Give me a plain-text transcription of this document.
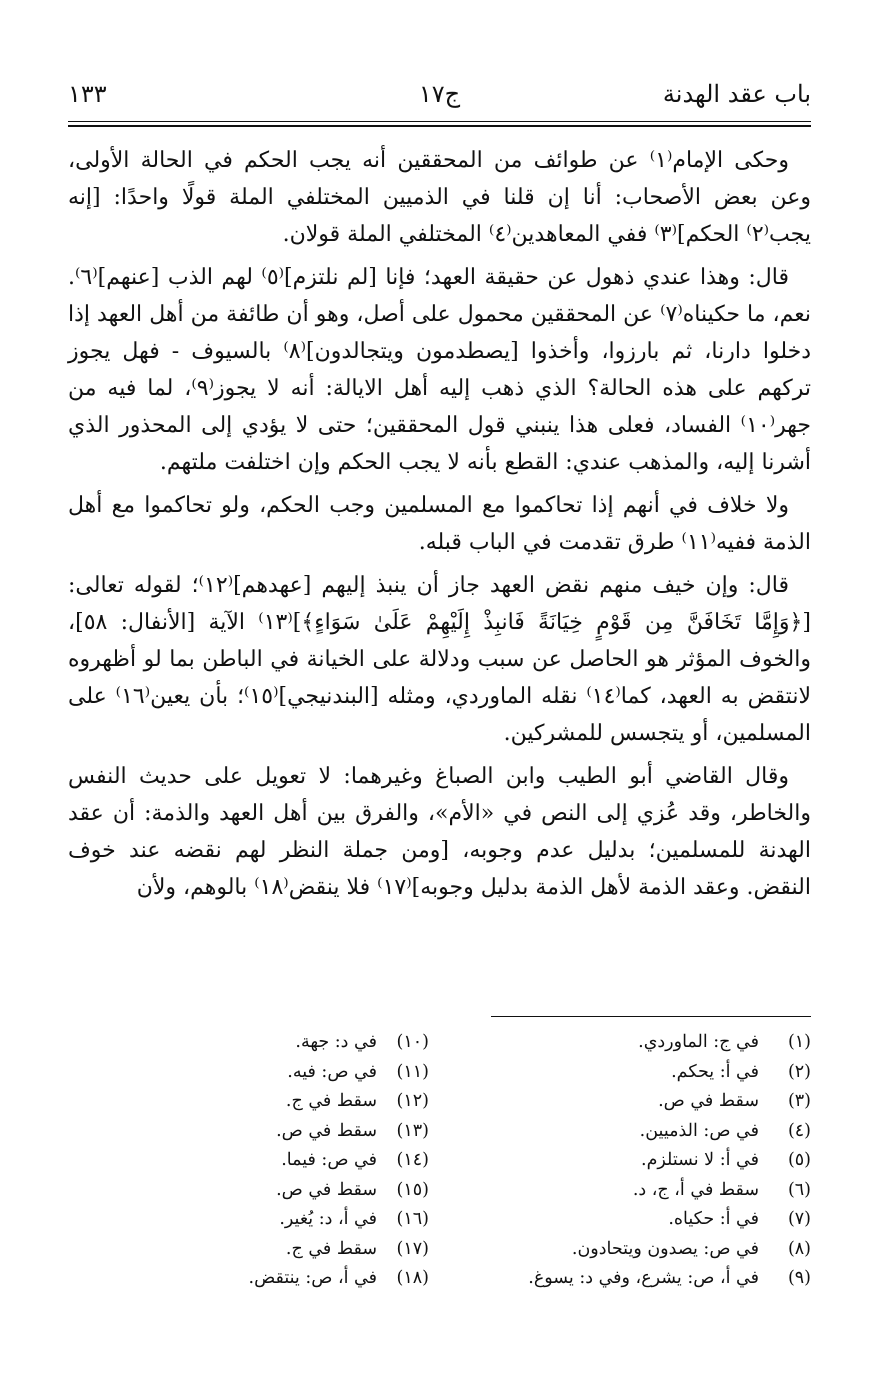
باب عقد الهدنة
ج١٧
١٣٣

وحكى الإمام⁽١⁾ عن طوائف من المحققين أنه يجب الحكم في الحالة الأولى، وعن بعض الأصحاب: أنا إن قلنا في الذميين المختلفي الملة قولًا واحدًا: [إنه يجب⁽٢⁾ الحكم]⁽٣⁾ ففي المعاهدين⁽٤⁾ المختلفي الملة قولان.

قال: وهذا عندي ذهول عن حقيقة العهد؛ فإنا [لم نلتزم]⁽٥⁾ لهم الذب [عنهم]⁽٦⁾. نعم، ما حكيناه⁽٧⁾ عن المحققين محمول على أصل، وهو أن طائفة من أهل العهد إذا دخلوا دارنا، ثم بارزوا، وأخذوا [يصطدمون ويتجالدون]⁽٨⁾ بالسيوف - فهل يجوز تركهم على هذه الحالة؟ الذي ذهب إليه أهل الايالة: أنه لا يجوز⁽٩⁾، لما فيه من جهر⁽١٠⁾ الفساد، فعلى هذا ينبني قول المحققين؛ حتى لا يؤدي إلى المحذور الذي أشرنا إليه، والمذهب عندي: القطع بأنه لا يجب الحكم وإن اختلفت ملتهم.

ولا خلاف في أنهم إذا تحاكموا مع المسلمين وجب الحكم، ولو تحاكموا مع أهل الذمة ففيه⁽١١⁾ طرق تقدمت في الباب قبله.

قال: وإن خيف منهم نقض العهد جاز أن ينبذ إليهم [عهدهم]⁽١٢⁾؛ لقوله تعالى: [﴿وَإِمَّا تَخَافَنَّ مِن قَوْمٍ خِيَانَةً فَانبِذْ إِلَيْهِمْ عَلَىٰ سَوَاءٍ﴾]⁽١٣⁾ الآية [الأنفال: ٥٨]، والخوف المؤثر هو الحاصل عن سبب ودلالة على الخيانة في الباطن بما لو أظهروه لانتقض به العهد، كما⁽١٤⁾ نقله الماوردي، ومثله [البندنيجي]⁽١٥⁾؛ بأن يعين⁽١٦⁾ على المسلمين، أو يتجسس للمشركين.

وقال القاضي أبو الطيب وابن الصباغ وغيرهما: لا تعويل على حديث النفس والخاطر، وقد عُزي إلى النص في «الأم»، والفرق بين أهل العهد والذمة: أن عقد الهدنة للمسلمين؛ بدليل عدم وجوبه، [ومن جملة النظر لهم نقضه عند خوف النقض. وعقد الذمة لأهل الذمة بدليل وجوبه]⁽١٧⁾ فلا ينقض⁽١٨⁾ بالوهم، ولأن

(١)في ج: الماوردي.
(٢)في أ: يحكم.
(٣)سقط في ص.
(٤)في ص: الذميين.
(٥)في أ: لا نستلزم.
(٦)سقط في أ، ج، د.
(٧)في أ: حكياه.
(٨)في ص: يصدون ويتحادون.
(٩)في أ، ص: يشرع، وفي د: يسوغ.
(١٠)في د: جهة.
(١١)في ص: فيه.
(١٢)سقط في ج.
(١٣)سقط في ص.
(١٤)في ص: فيما.
(١٥)سقط في ص.
(١٦)في أ، د: يُغير.
(١٧)سقط في ج.
(١٨)في أ، ص: ينتقض.
